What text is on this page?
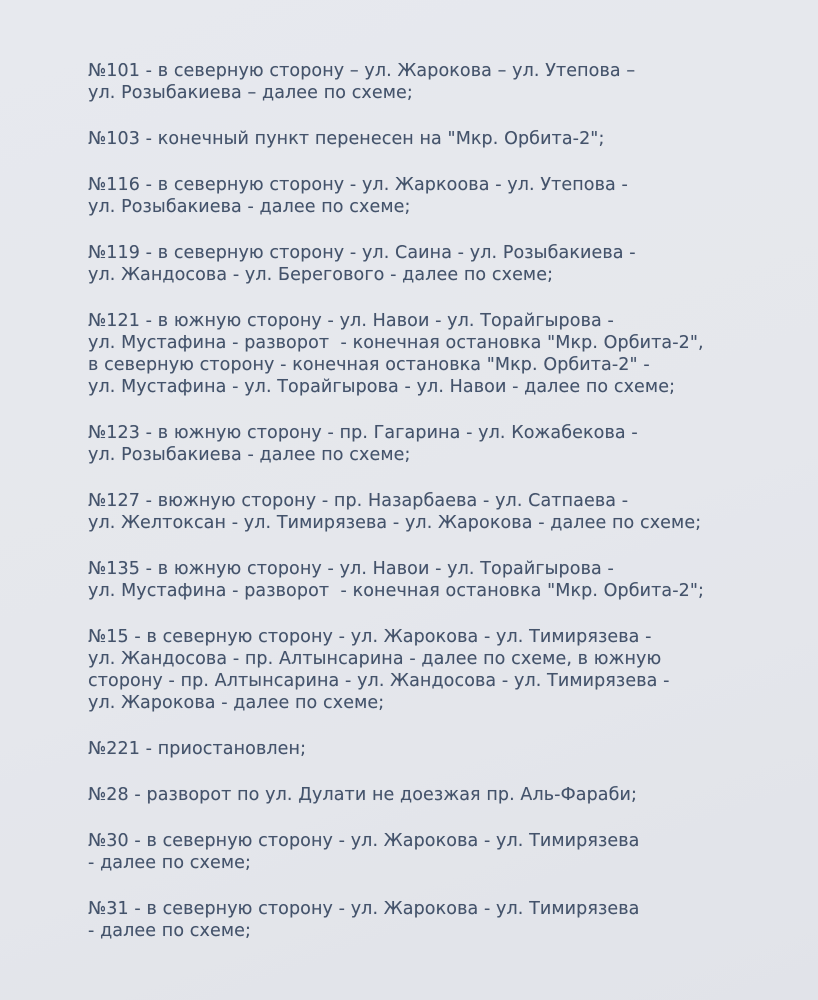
№101 - в северную сторону – ул. Жарокова – ул. Утепова –
ул. Розыбакиева – далее по схеме;

№103 - конечный пункт перенесен на "Мкр. Орбита-2";

№116 - в северную сторону - ул. Жаркоова - ул. Утепова -
ул. Розыбакиева - далее по схеме;

№119 - в северную сторону - ул. Саина - ул. Розыбакиева -
ул. Жандосова - ул. Берегового - далее по схеме;

№121 - в южную сторону - ул. Навои - ул. Торайгырова -
ул. Мустафина - разворот  - конечная остановка "Мкр. Орбита-2",
в северную сторону - конечная остановка "Мкр. Орбита-2" -
ул. Мустафина - ул. Торайгырова - ул. Навои - далее по схеме;

№123 - в южную сторону - пр. Гагарина - ул. Кожабекова -
ул. Розыбакиева - далее по схеме;

№127 - вюжную сторону - пр. Назарбаева - ул. Сатпаева -
ул. Желтоксан - ул. Тимирязева - ул. Жарокова - далее по схеме;

№135 - в южную сторону - ул. Навои - ул. Торайгырова -
ул. Мустафина - разворот  - конечная остановка "Мкр. Орбита-2";

№15 - в северную сторону - ул. Жарокова - ул. Тимирязева -
ул. Жандосова - пр. Алтынсарина - далее по схеме, в южную
сторону - пр. Алтынсарина - ул. Жандосова - ул. Тимирязева -
ул. Жарокова - далее по схеме;

№221 - приостановлен;

№28 - разворот по ул. Дулати не доезжая пр. Аль-Фараби;

№30 - в северную сторону - ул. Жарокова - ул. Тимирязева
- далее по схеме;

№31 - в северную сторону - ул. Жарокова - ул. Тимирязева
- далее по схеме;
